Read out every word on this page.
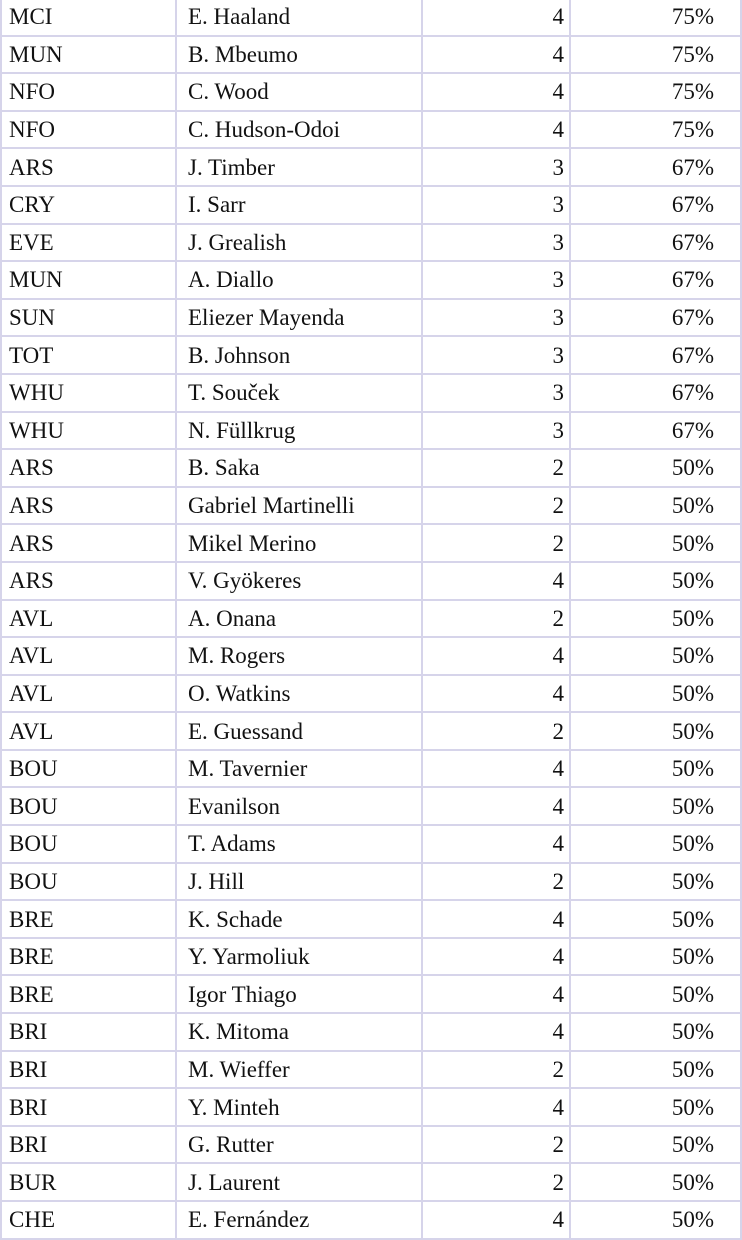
MCI	E. Haaland	4	75%
MUN	B. Mbeumo	4	75%
NFO	C. Wood	4	75%
NFO	C. Hudson-Odoi	4	75%
ARS	J. Timber	3	67%
CRY	I. Sarr	3	67%
EVE	J. Grealish	3	67%
MUN	A. Diallo	3	67%
SUN	Eliezer Mayenda	3	67%
TOT	B. Johnson	3	67%
WHU	T. Souček	3	67%
WHU	N. Füllkrug	3	67%
ARS	B. Saka	2	50%
ARS	Gabriel Martinelli	2	50%
ARS	Mikel Merino	2	50%
ARS	V. Gyökeres	4	50%
AVL	A. Onana	2	50%
AVL	M. Rogers	4	50%
AVL	O. Watkins	4	50%
AVL	E. Guessand	2	50%
BOU	M. Tavernier	4	50%
BOU	Evanilson	4	50%
BOU	T. Adams	4	50%
BOU	J. Hill	2	50%
BRE	K. Schade	4	50%
BRE	Y. Yarmoliuk	4	50%
BRE	Igor Thiago	4	50%
BRI	K. Mitoma	4	50%
BRI	M. Wieffer	2	50%
BRI	Y. Minteh	4	50%
BRI	G. Rutter	2	50%
BUR	J. Laurent	2	50%
CHE	E. Fernández	4	50%
